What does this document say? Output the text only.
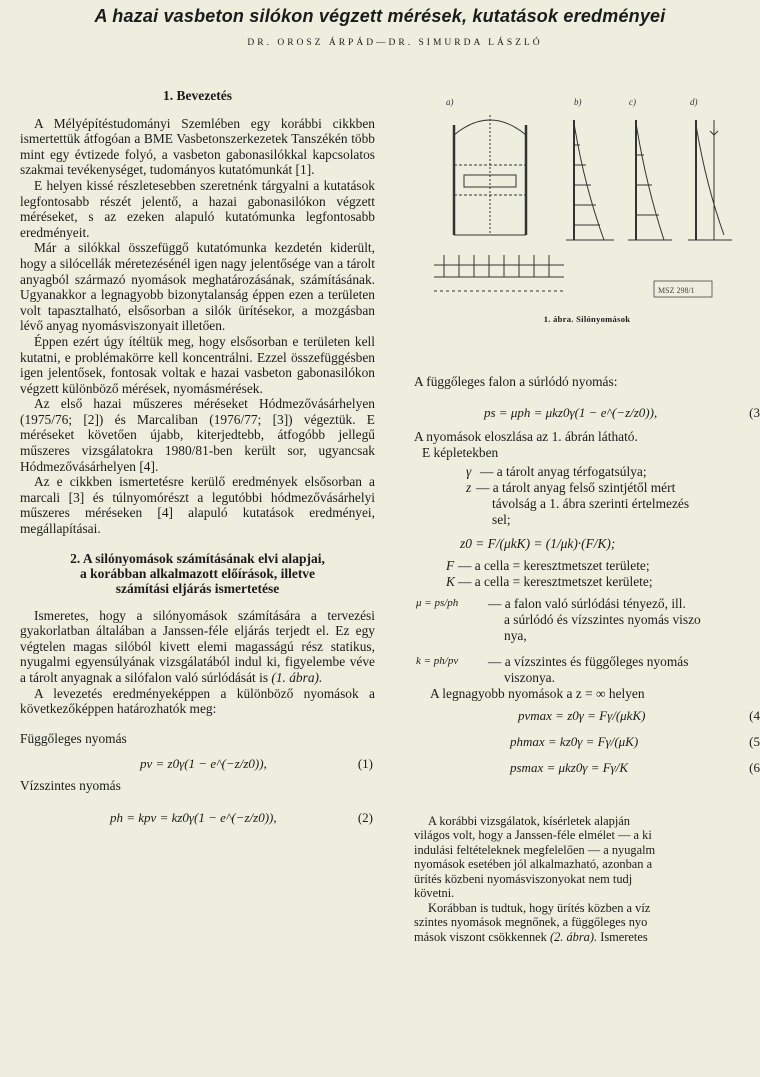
A hazai vasbeton silókon végzett mérések, kutatások eredményei
DR. OROSZ ÁRPÁD—DR. SIMURDA LÁSZLÓ
1. Bevezetés

A Mélyépítéstudományi Szemlében egy korábbi cikkben ismertettük átfogóan a BME Vasbetonszerkezetek Tanszékén több mint egy évtizede folyó, a vasbeton gabonasilókkal kapcsolatos szakmai tevékenységet, tudományos kutatómunkát [1].

E helyen kissé részletesebben szeretnénk tárgyalni a kutatások legfontosabb részét jelentő, a hazai gabonasilókon végzett méréseket, s az ezeken alapuló kutatómunka legfontosabb eredményeit.

Már a silókkal összefüggő kutatómunka kezdetén kiderült, hogy a silócellák méretezésénél igen nagy jelentősége van a tárolt anyagból származó nyomások meghatározásának, számításának. Ugyanakkor a legnagyobb bizonytalanság éppen ezen a területen volt tapasztalható, elsősorban a silók ürítésekor, a mozgásban lévő anyag nyomásviszonyait illetően.

Éppen ezért úgy ítéltük meg, hogy elsősorban e területen kell kutatni, e problémakörre kell koncentrálni. Ezzel összefüggésben igen jelentősek, fontosak voltak e hazai vasbeton gabonasilókon végzett különböző mérések, nyomásmérések.

Az első hazai műszeres méréseket Hódmezővásárhelyen (1975/76; [2]) és Marcaliban (1976/77; [3]) végeztük. E méréseket követően újabb, kiterjedtebb, átfogóbb jellegű műszeres vizsgálatokra 1980/81-ben került sor, ugyancsak Hódmezővásárhelyen [4].

Az e cikkben ismertetésre kerülő eredmények elsősorban a marcali [3] és túlnyomórészt a legutóbbi hódmezővásárhelyi műszeres méréseken [4] alapuló kutatások eredményei, megállapításai.

2. A silónyomások számításának elvi alapjai,
a korábban alkalmazott előírások, illetve
számítási eljárás ismertetése

Ismeretes, hogy a silónyomások számítására a tervezési gyakorlatban általában a Janssen-féle eljárás terjedt el. Ez egy végtelen magas silóból kivett elemi magasságú rész statikus, nyugalmi egyensúlyának vizsgálatából indul ki, figyelembe véve a tárolt anyagnak a silófalon való súrlódását is (1. ábra).

A levezetés eredményeképpen a különböző nyomások a következőképpen határozhatók meg:

Függőleges nyomás

pv = z0γ(1 − e^(−z/z0)),	(1)

Vízszintes nyomás

ph = kpv = kz0γ(1 − e^(−z/z0)),	(2)
a)	b)	c)	d)
MSZ 298/1
1. ábra. Silónyomások
A függőleges falon a súrlódó nyomás:
ps = μph = μkz0γ(1 − e^(−z/z0)),	(3
A nyomások eloszlása az 1. ábrán látható.
E képletekben
γ — a tárolt anyag térfogatsúlya;
z — a tárolt anyag felső szintjétől mért
távolság a 1. ábra szerinti értelmezés
sel;
z0 = F/(μkK) = (1/μk)·(F/K);
F — a cella = keresztmetszet területe;
K — a cella = keresztmetszet kerülete;
μ = ps/ph — a falon való súrlódási tényező, ill.
a súrlódó és vízszintes nyomás viszo
nya,
k = ph/pv — a vízszintes és függőleges nyomás
viszonya.
A legnagyobb nyomások a z = ∞ helyen
pvmax = z0γ = Fγ/(μkK)	(4
phmax = kz0γ = Fγ/(μK)	(5
psmax = μkz0γ = Fγ/K	(6
A korábbi vizsgálatok, kísérletek alapján
világos volt, hogy a Janssen-féle elmélet — a ki
indulási feltételeknek megfelelően — a nyugalm
nyomások esetében jól alkalmazható, azonban a
ürítés közbeni nyomásviszonyokat nem tudj
követni.
Korábban is tudtuk, hogy ürítés közben a víz
szintes nyomások megnőnek, a függőleges nyo
mások viszont csökkennek (2. ábra). Ismeretes
